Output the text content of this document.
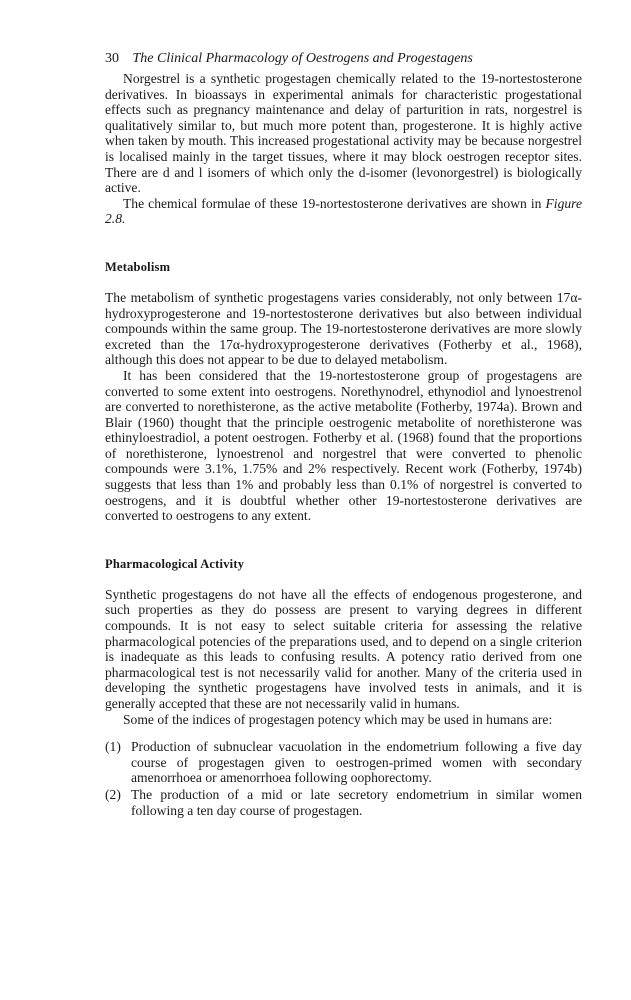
30 The Clinical Pharmacology of Oestrogens and Progestagens

Norgestrel is a synthetic progestagen chemically related to the 19-nortestosterone derivatives. In bioassays in experimental animals for characteristic progestational effects such as pregnancy maintenance and delay of parturition in rats, norgestrel is qualitatively similar to, but much more potent than, progesterone. It is highly active when taken by mouth. This increased progestational activity may be because norgestrel is localised mainly in the target tissues, where it may block oestrogen receptor sites. There are d and l isomers of which only the d-isomer (levonorgestrel) is biologically active.

The chemical formulae of these 19-nortestosterone derivatives are shown in Figure 2.8.

Metabolism

The metabolism of synthetic progestagens varies considerably, not only between 17α-hydroxyprogesterone and 19-nortestosterone derivatives but also between individual compounds within the same group. The 19-nortestosterone derivatives are more slowly excreted than the 17α-hydroxyprogesterone derivatives (Fotherby et al., 1968), although this does not appear to be due to delayed metabolism.

It has been considered that the 19-nortestosterone group of progestagens are converted to some extent into oestrogens. Norethynodrel, ethynodiol and lynoestrenol are converted to norethisterone, as the active metabolite (Fotherby, 1974a). Brown and Blair (1960) thought that the principle oestrogenic metabolite of norethisterone was ethinyloestradiol, a potent oestrogen. Fotherby et al. (1968) found that the proportions of norethisterone, lynoestrenol and norgestrel that were converted to phenolic compounds were 3.1%, 1.75% and 2% respectively. Recent work (Fotherby, 1974b) suggests that less than 1% and probably less than 0.1% of norgestrel is converted to oestrogens, and it is doubtful whether other 19-nortestosterone derivatives are converted to oestrogens to any extent.

Pharmacological Activity

Synthetic progestagens do not have all the effects of endogenous progesterone, and such properties as they do possess are present to varying degrees in different compounds. It is not easy to select suitable criteria for assessing the relative pharmacological potencies of the preparations used, and to depend on a single criterion is inadequate as this leads to confusing results. A potency ratio derived from one pharmacological test is not necessarily valid for another. Many of the criteria used in developing the synthetic progestagens have involved tests in animals, and it is generally accepted that these are not necessarily valid in humans.

Some of the indices of progestagen potency which may be used in humans are:

(1) Production of subnuclear vacuolation in the endometrium following a five day course of progestagen given to oestrogen-primed women with secondary amenorrhoea or amenorrhoea following oophorectomy.
(2) The production of a mid or late secretory endometrium in similar women following a ten day course of progestagen.
